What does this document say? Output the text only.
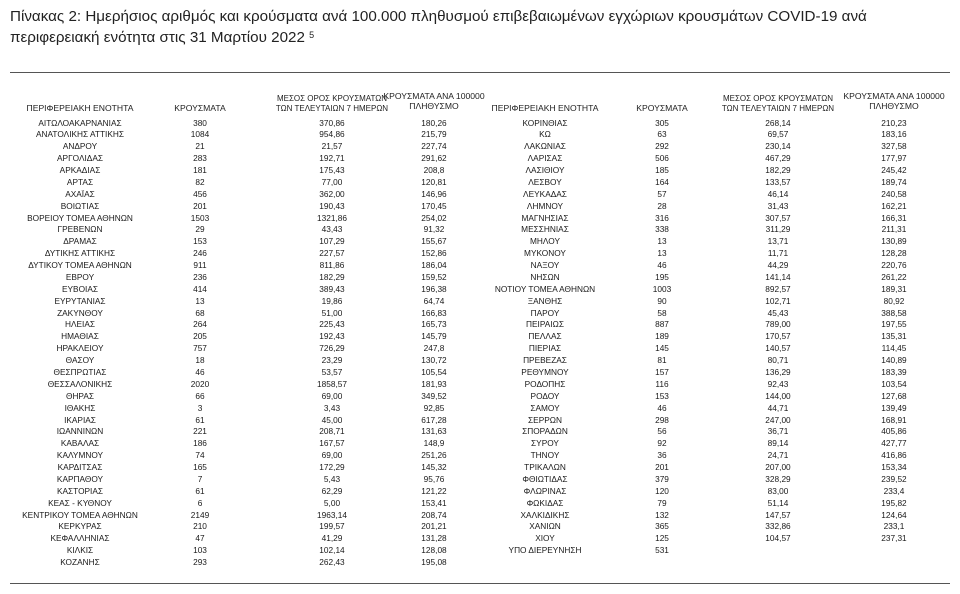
Πίνακας 2: Ημερήσιος αριθμός και κρούσματα ανά 100.000 πληθυσμού επιβεβαιωμένων εγχώριων κρουσμάτων COVID-19 ανά περιφερειακή ενότητα στις 31 Μαρτίου 2022 $^5$
ΠΕΡΙΦΕΡΕΙΑΚΗ ΕΝΟΤΗΤΑ	ΚΡΟΥΣΜΑΤΑ
ΜΕΣΟΣ ΟΡΟΣ ΚΡΟΥΣΜΑΤΩΝ
ΤΩΝ ΤΕΛΕΥΤΑΙΩΝ 7 ΗΜΕΡΩΝ
ΚΡΟΥΣΜΑΤΑ ΑΝΑ 100000
ΠΛΗΘΥΣΜΟ	ΠΕΡΙΦΕΡΕΙΑΚΗ ΕΝΟΤΗΤΑ	ΚΡΟΥΣΜΑΤΑ
ΜΕΣΟΣ ΟΡΟΣ ΚΡΟΥΣΜΑΤΩΝ
ΤΩΝ ΤΕΛΕΥΤΑΙΩΝ 7 ΗΜΕΡΩΝ
ΚΡΟΥΣΜΑΤΑ ΑΝΑ 100000
ΠΛΗΘΥΣΜΟ
ΑΙΤΩΛΟΑΚΑΡΝΑΝΙΑΣ	380	370,86	180,26
ΑΝΑΤΟΛΙΚΗΣ ΑΤΤΙΚΗΣ	1084	954,86	215,79
ΑΝΔΡΟΥ	21	21,57	227,74
ΑΡΓΟΛΙΔΑΣ	283	192,71	291,62
ΑΡΚΑΔΙΑΣ	181	175,43	208,8
ΑΡΤΑΣ	82	77,00	120,81
ΑΧΑΪΑΣ	456	362,00	146,96
ΒΟΙΩΤΙΑΣ	201	190,43	170,45
ΒΟΡΕΙΟΥ ΤΟΜΕΑ ΑΘΗΝΩΝ	1503	1321,86	254,02
ΓΡΕΒΕΝΩΝ	29	43,43	91,32
ΔΡΑΜΑΣ	153	107,29	155,67
ΔΥΤΙΚΗΣ ΑΤΤΙΚΗΣ	246	227,57	152,86
ΔΥΤΙΚΟΥ ΤΟΜΕΑ ΑΘΗΝΩΝ	911	811,86	186,04
ΕΒΡΟΥ	236	182,29	159,52
ΕΥΒΟΙΑΣ	414	389,43	196,38
ΕΥΡΥΤΑΝΙΑΣ	13	19,86	64,74
ΖΑΚΥΝΘΟΥ	68	51,00	166,83
ΗΛΕΙΑΣ	264	225,43	165,73
ΗΜΑΘΙΑΣ	205	192,43	145,79
ΗΡΑΚΛΕΙΟΥ	757	726,29	247,8
ΘΑΣΟΥ	18	23,29	130,72
ΘΕΣΠΡΩΤΙΑΣ	46	53,57	105,54
ΘΕΣΣΑΛΟΝΙΚΗΣ	2020	1858,57	181,93
ΘΗΡΑΣ	66	69,00	349,52
ΙΘΑΚΗΣ	3	3,43	92,85
ΙΚΑΡΙΑΣ	61	45,00	617,28
ΙΩΑΝΝΙΝΩΝ	221	208,71	131,63
ΚΑΒΑΛΑΣ	186	167,57	148,9
ΚΑΛΥΜΝΟΥ	74	69,00	251,26
ΚΑΡΔΙΤΣΑΣ	165	172,29	145,32
ΚΑΡΠΑΘΟΥ	7	5,43	95,76
ΚΑΣΤΟΡΙΑΣ	61	62,29	121,22
ΚΕΑΣ - ΚΥΘΝΟΥ	6	5,00	153,41
ΚΕΝΤΡΙΚΟΥ ΤΟΜΕΑ ΑΘΗΝΩΝ	2149	1963,14	208,74
ΚΕΡΚΥΡΑΣ	210	199,57	201,21
ΚΕΦΑΛΛΗΝΙΑΣ	47	41,29	131,28
ΚΙΛΚΙΣ	103	102,14	128,08
ΚΟΖΑΝΗΣ	293	262,43	195,08
ΚΟΡΙΝΘΙΑΣ	305	268,14	210,23
ΚΩ	63	69,57	183,16
ΛΑΚΩΝΙΑΣ	292	230,14	327,58
ΛΑΡΙΣΑΣ	506	467,29	177,97
ΛΑΣΙΘΙΟΥ	185	182,29	245,42
ΛΕΣΒΟΥ	164	133,57	189,74
ΛΕΥΚΑΔΑΣ	57	46,14	240,58
ΛΗΜΝΟΥ	28	31,43	162,21
ΜΑΓΝΗΣΙΑΣ	316	307,57	166,31
ΜΕΣΣΗΝΙΑΣ	338	311,29	211,31
ΜΗΛΟΥ	13	13,71	130,89
ΜΥΚΟΝΟΥ	13	11,71	128,28
ΝΑΞΟΥ	46	44,29	220,76
ΝΗΣΩΝ	195	141,14	261,22
ΝΟΤΙΟΥ ΤΟΜΕΑ ΑΘΗΝΩΝ	1003	892,57	189,31
ΞΑΝΘΗΣ	90	102,71	80,92
ΠΑΡΟΥ	58	45,43	388,58
ΠΕΙΡΑΙΩΣ	887	789,00	197,55
ΠΕΛΛΑΣ	189	170,57	135,31
ΠΙΕΡΙΑΣ	145	140,57	114,45
ΠΡΕΒΕΖΑΣ	81	80,71	140,89
ΡΕΘΥΜΝΟΥ	157	136,29	183,39
ΡΟΔΟΠΗΣ	116	92,43	103,54
ΡΟΔΟΥ	153	144,00	127,68
ΣΑΜΟΥ	46	44,71	139,49
ΣΕΡΡΩΝ	298	247,00	168,91
ΣΠΟΡΑΔΩΝ	56	36,71	405,86
ΣΥΡΟΥ	92	89,14	427,77
ΤΗΝΟΥ	36	24,71	416,86
ΤΡΙΚΑΛΩΝ	201	207,00	153,34
ΦΘΙΩΤΙΔΑΣ	379	328,29	239,52
ΦΛΩΡΙΝΑΣ	120	83,00	233,4
ΦΩΚΙΔΑΣ	79	51,14	195,82
ΧΑΛΚΙΔΙΚΗΣ	132	147,57	124,64
ΧΑΝΙΩΝ	365	332,86	233,1
ΧΙΟΥ	125	104,57	237,31
ΥΠΟ ΔΙΕΡΕΥΝΗΣΗ	531
